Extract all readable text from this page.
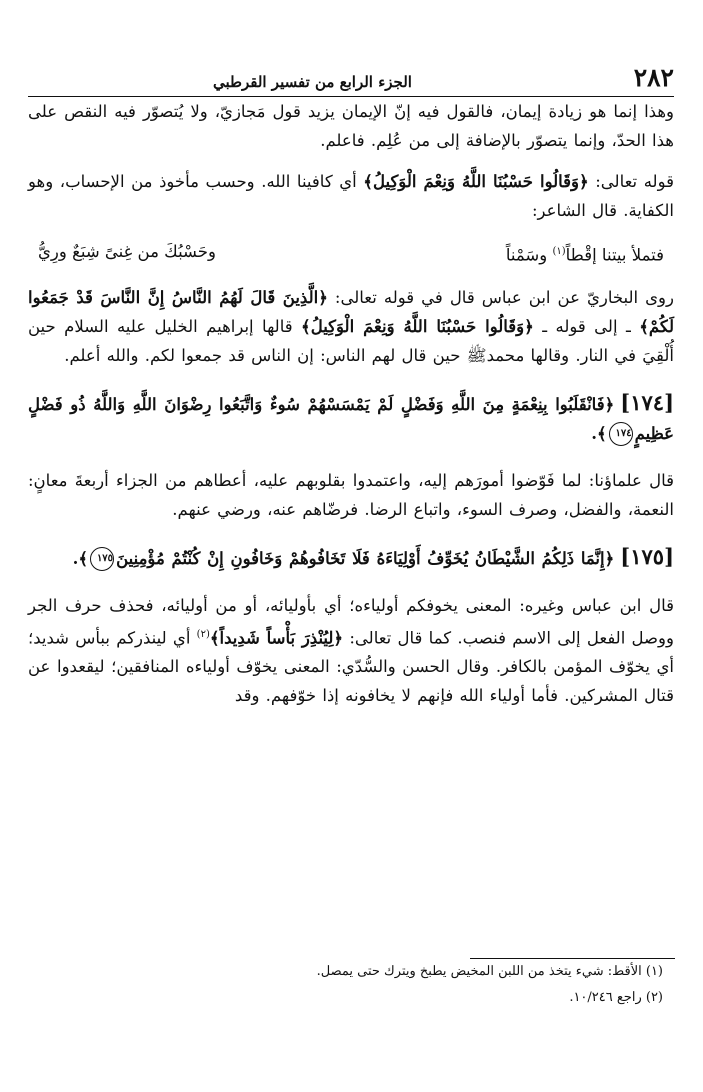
٢٨٢
الجزء الرابع من تفسير القرطبي

وهذا إنما هو زيادة إيمان، فالقول فيه إنّ الإيمان يزيد قول مَجازيّ، ولا يُتصوّر فيه النقص على هذا الحدّ، وإنما يتصوّر بالإضافة إلى من عُلِم. فاعلم.

قوله تعالى: ﴿وَقَالُوا حَسْبُنَا اللَّهُ وَنِعْمَ الْوَكِيلُ﴾ أي كافينا الله. وحسب مأخوذ من الإحساب، وهو الكفاية. قال الشاعر:

فتملأ بيتنا إقْطاً$^{(١)}$ وسَمْناً
وحَسْبُكَ من غِنىً شِبَعٌ ورِيُّ

روى البخاريّ عن ابن عباس قال في قوله تعالى: ﴿الَّذِينَ قَالَ لَهُمُ النَّاسُ إِنَّ النَّاسَ قَدْ جَمَعُوا لَكُمْ﴾ ـ إلى قوله ـ ﴿وَقَالُوا حَسْبُنَا اللَّهُ وَنِعْمَ الْوَكِيلُ﴾ قالها إبراهيم الخليل عليه السلام حين أُلْقِيَ في النار. وقالها محمدﷺ حين قال لهم الناس: إن الناس قد جمعوا لكم. والله أعلم.

[١٧٤]﴿فَانْقَلَبُوا بِنِعْمَةٍ مِنَ اللَّهِ وَفَضْلٍ لَمْ يَمْسَسْهُمْ سُوءٌ وَاتَّبَعُوا رِضْوَانَ اللَّهِ وَاللَّهُ ذُو فَضْلٍ عَظِيمٍ١٧٤﴾.

قال علماؤنا: لما فَوّضوا أمورَهم إليه، واعتمدوا بقلوبهم عليه، أعطاهم من الجزاء أربعةَ معانٍ: النعمة، والفضل، وصرف السوء، واتباع الرضا. فرضّاهم عنه، ورضي عنهم.

[١٧٥]﴿إِنَّمَا ذَلِكُمُ الشَّيْطَانُ يُخَوِّفُ أَوْلِيَاءَهُ فَلَا تَخَافُوهُمْ وَخَافُونِ إِنْ كُنْتُمْ مُؤْمِنِينَ١٧٥﴾.

قال ابن عباس وغيره: المعنى يخوفكم أولياءه؛ أي بأوليائه، أو من أوليائه، فحذف حرف الجر ووصل الفعل إلى الاسم فنصب. كما قال تعالى: ﴿لِيُنْذِرَ بَأْساً شَدِيداً﴾$^{(٢)}$ أي لينذركم ببأس شديد؛ أي يخوّف المؤمن بالكافر. وقال الحسن والسُّدّي: المعنى يخوّف أولياءه المنافقين؛ ليقعدوا عن قتال المشركين. فأما أولياء الله فإنهم لا يخافونه إذا خوّفهم. وقد

(١) الأقط: شيء يتخذ من اللبن المخيض يطبخ ويترك حتى يمصل.
(٢) راجع ١٠/٢٤٦.
